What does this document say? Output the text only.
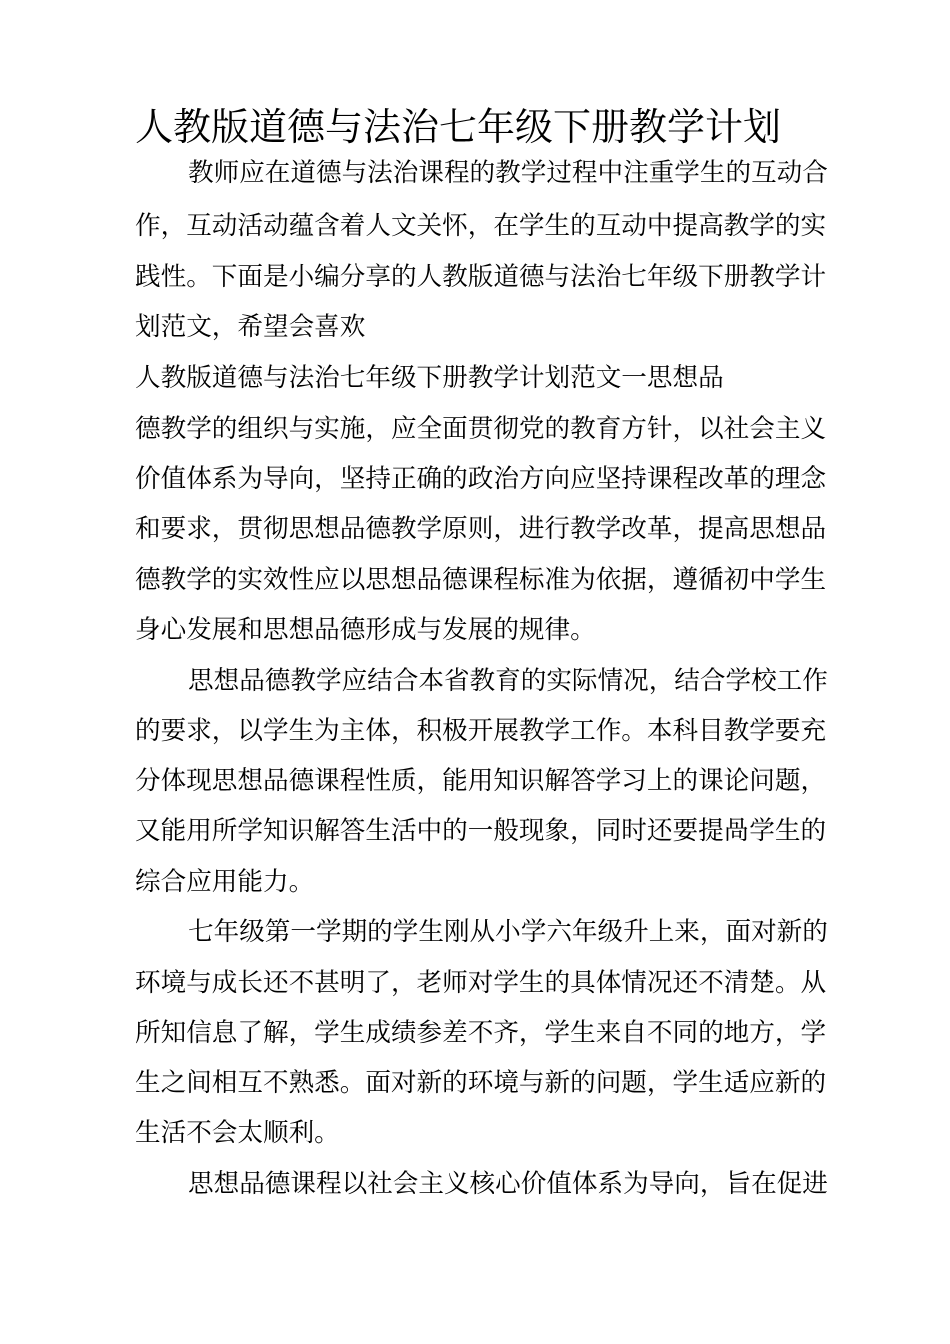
人教版道德与法治七年级下册教学计划

教师应在道德与法治课程的教学过程中注重学生的互动合

作，互动活动蕴含着人文关怀，在学生的互动中提高教学的实

践性。下面是小编分享的人教版道德与法治七年级下册教学计

划范文，希望会喜欢

人教版道德与法治七年级下册教学计划范文一思想品

德教学的组织与实施，应全面贯彻党的教育方针，以社会主义

价值体系为导向，坚持正确的政治方向应坚持课程改革的理念

和要求，贯彻思想品德教学原则，进行教学改革，提高思想品

德教学的实效性应以思想品德课程标准为依据，遵循初中学生

身心发展和思想品德形成与发展的规律。

思想品德教学应结合本省教育的实际情况，结合学校工作

的要求，以学生为主体，积极开展教学工作。本科目教学要充

分体现思想品德课程性质，能用知识解答学习上的课论问题，

又能用所学知识解答生活中的一般现象，同时还要提咼学生的

综合应用能力。

七年级第一学期的学生刚从小学六年级升上来，面对新的

环境与成长还不甚明了，老师对学生的具体情况还不清楚。从

所知信息了解，学生成绩参差不齐，学生来自不同的地方，学

生之间相互不熟悉。面对新的环境与新的问题，学生适应新的

生活不会太顺利。

思想品德课程以社会主义核心价值体系为导向，旨在促进
